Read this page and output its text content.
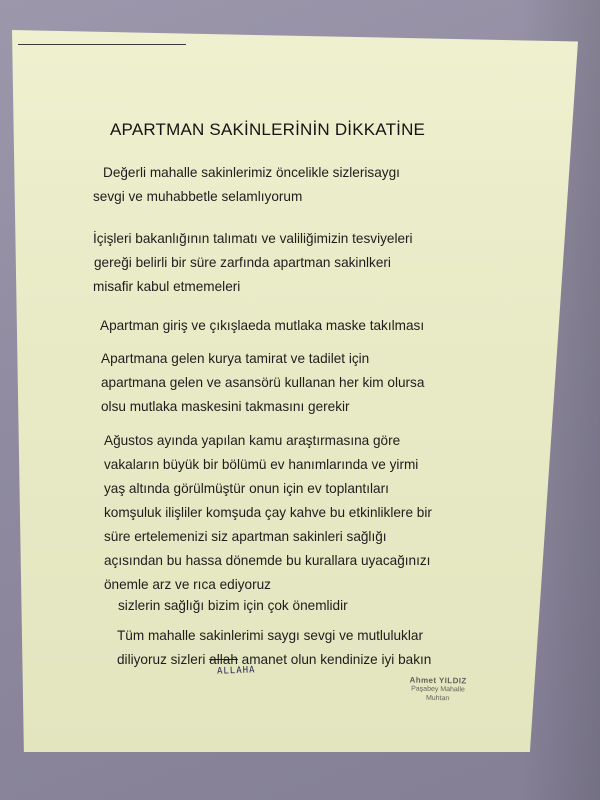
APARTMAN SAKİNLERİNİN DİKKATİNE
Değerli mahalle sakinlerimiz öncelikle sizlerisaygı
sevgi ve muhabbetle selamlıyorum
İçişleri bakanlığının talımatı ve valiliğimizin tesviyeleri
gereği belirli bir süre zarfında apartman sakinlkeri
misafir kabul etmemeleri
Apartman giriş ve çıkışlaeda mutlaka maske takılması
Apartmana gelen kurya tamirat ve tadilet için
apartmana gelen ve asansörü kullanan her kim olursa
olsu mutlaka maskesini takmasını gerekir
Ağustos ayında yapılan kamu araştırmasına göre
vakaların büyük bir bölümü ev hanımlarında ve yirmi
yaş altında görülmüştür onun için ev toplantıları
komşuluk ilişliler komşuda çay kahve bu etkinliklere bir
süre ertelemenizi siz apartman sakinleri sağlığı
açısından bu hassa dönemde bu kurallara uyacağınızı
önemle arz ve rıca ediyoruz
sizlerin sağlığı bizim için çok önemlidir
Tüm mahalle sakinlerimi saygı sevgi ve mutluluklar
diliyoruz sizleri allah amanet olun kendinize iyi bakın
ALLAHA
Ahmet YILDIZ
Paşabey Mahalle
Muhtarı
